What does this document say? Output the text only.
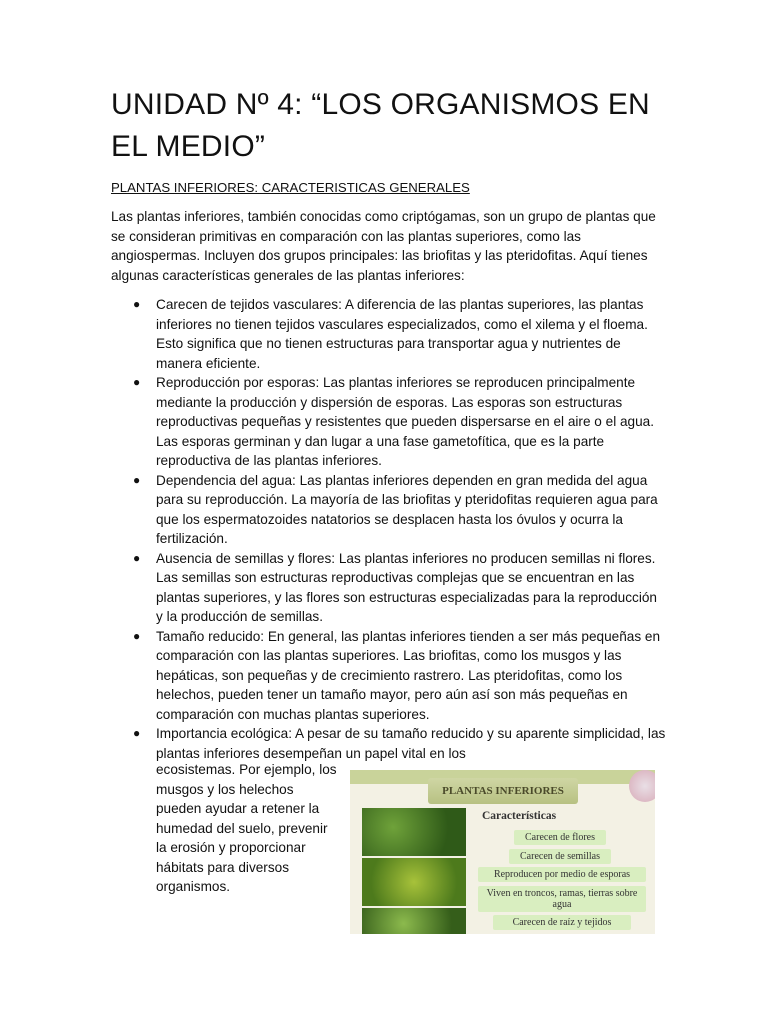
UNIDAD Nº 4: “LOS ORGANISMOS EN EL MEDIO”

PLANTAS INFERIORES: CARACTERISTICAS GENERALES

Las plantas inferiores, también conocidas como criptógamas, son un grupo de plantas que se consideran primitivas en comparación con las plantas superiores, como las angiospermas. Incluyen dos grupos principales: las briofitas y las pteridofitas. Aquí tienes algunas características generales de las plantas inferiores:

● Carecen de tejidos vasculares: A diferencia de las plantas superiores, las plantas inferiores no tienen tejidos vasculares especializados, como el xilema y el floema. Esto significa que no tienen estructuras para transportar agua y nutrientes de manera eficiente.
● Reproducción por esporas: Las plantas inferiores se reproducen principalmente mediante la producción y dispersión de esporas. Las esporas son estructuras reproductivas pequeñas y resistentes que pueden dispersarse en el aire o el agua. Las esporas germinan y dan lugar a una fase gametofítica, que es la parte reproductiva de las plantas inferiores.
● Dependencia del agua: Las plantas inferiores dependen en gran medida del agua para su reproducción. La mayoría de las briofitas y pteridofitas requieren agua para que los espermatozoides natatorios se desplacen hasta los óvulos y ocurra la fertilización.
● Ausencia de semillas y flores: Las plantas inferiores no producen semillas ni flores. Las semillas son estructuras reproductivas complejas que se encuentran en las plantas superiores, y las flores son estructuras especializadas para la reproducción y la producción de semillas.
● Tamaño reducido: En general, las plantas inferiores tienden a ser más pequeñas en comparación con las plantas superiores. Las briofitas, como los musgos y las hepáticas, son pequeñas y de crecimiento rastrero. Las pteridofitas, como los helechos, pueden tener un tamaño mayor, pero aún así son más pequeñas en comparación con muchas plantas superiores.
● Importancia ecológica: A pesar de su tamaño reducido y su aparente simplicidad, las plantas inferiores desempeñan un papel vital en los

ecosistemas. Por ejemplo, los musgos y los helechos pueden ayudar a retener la humedad del suelo, prevenir la erosión y proporcionar hábitats para diversos organismos.

PLANTAS INFERIORES
Características
Carecen de flores
Carecen de semillas
Reproducen por medio de esporas
Viven en troncos, ramas, tierras sobre agua
Carecen de raíz y tejidos
